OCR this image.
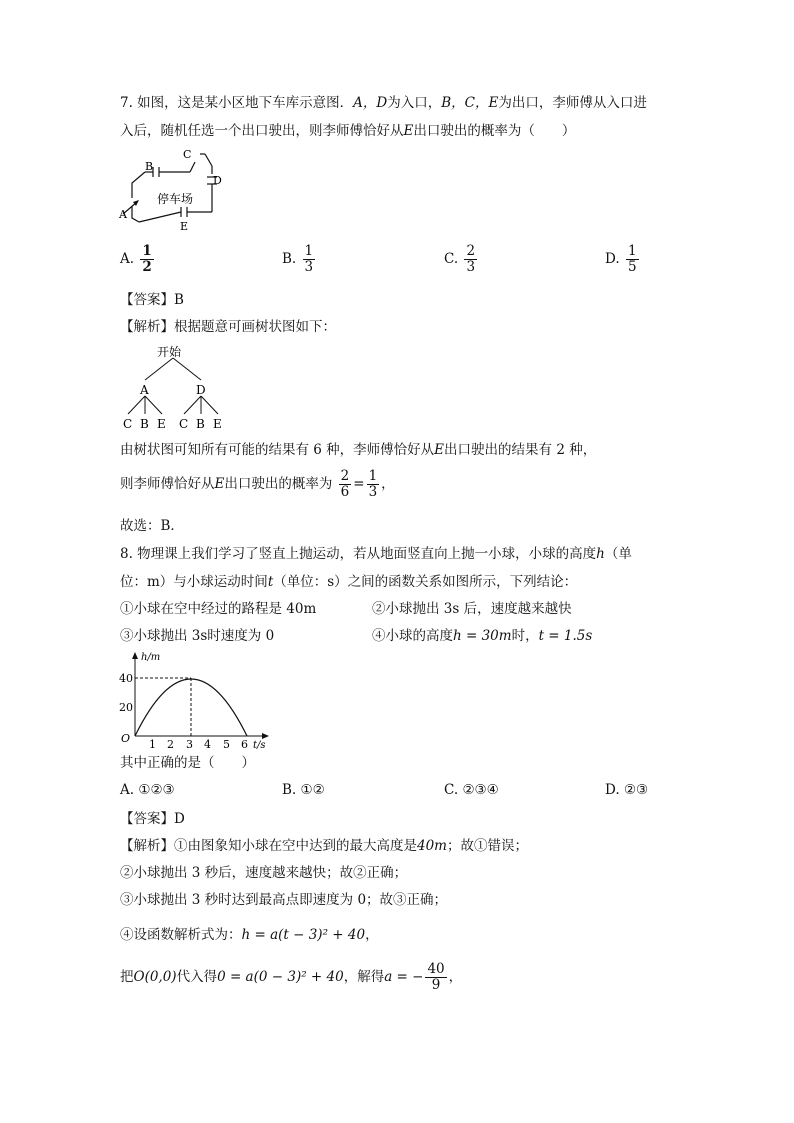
7. 如图，这是某小区地下车库示意图．A，D为入口，B，C，E为出口，李师傅从入口进
入后，随机任选一个出口驶出，则李师傅恰好从E出口驶出的概率为（　　）
停车场
B
C
D
A
E
A. $\frac{1}{2}$	B. $\frac{1}{3}$	C. $\frac{2}{3}$	D. $\frac{1}{5}$
【答案】B
【解析】根据题意可画树状图如下：
开始
A	D
C B E C B E
由树状图可知所有可能的结果有 6 种，李师傅恰好从E出口驶出的结果有 2 种，
则李师傅恰好从E出口驶出的概率为 $\frac{2}{6} = \frac{1}{3}$ ，
故选：B．
8. 物理课上我们学习了竖直上抛运动，若从地面竖直向上抛一小球，小球的高度h（单
位：m）与小球运动时间t（单位：s）之间的函数关系如图所示，下列结论：
①小球在空中经过的路程是 40m	②小球抛出 3s 后，速度越来越快
③小球抛出 3s时速度为 0	④小球的高度h = 30m时，t = 1.5s
h/m
t/s
O
40
20
1 2 3 4 5 6
其中正确的是（　　）
A. ①②③	B. ①②	C. ②③④	D. ②③
【答案】D
【解析】①由图象知小球在空中达到的最大高度是40m；故①错误；
②小球抛出 3 秒后，速度越来越快；故②正确；
③小球抛出 3 秒时达到最高点即速度为 0；故③正确；
④设函数解析式为：h = a(t − 3)² + 40，
把O(0,0)代入得0 = a(0 − 3)² + 40，解得a = − $\frac{40}{9}$ ，
